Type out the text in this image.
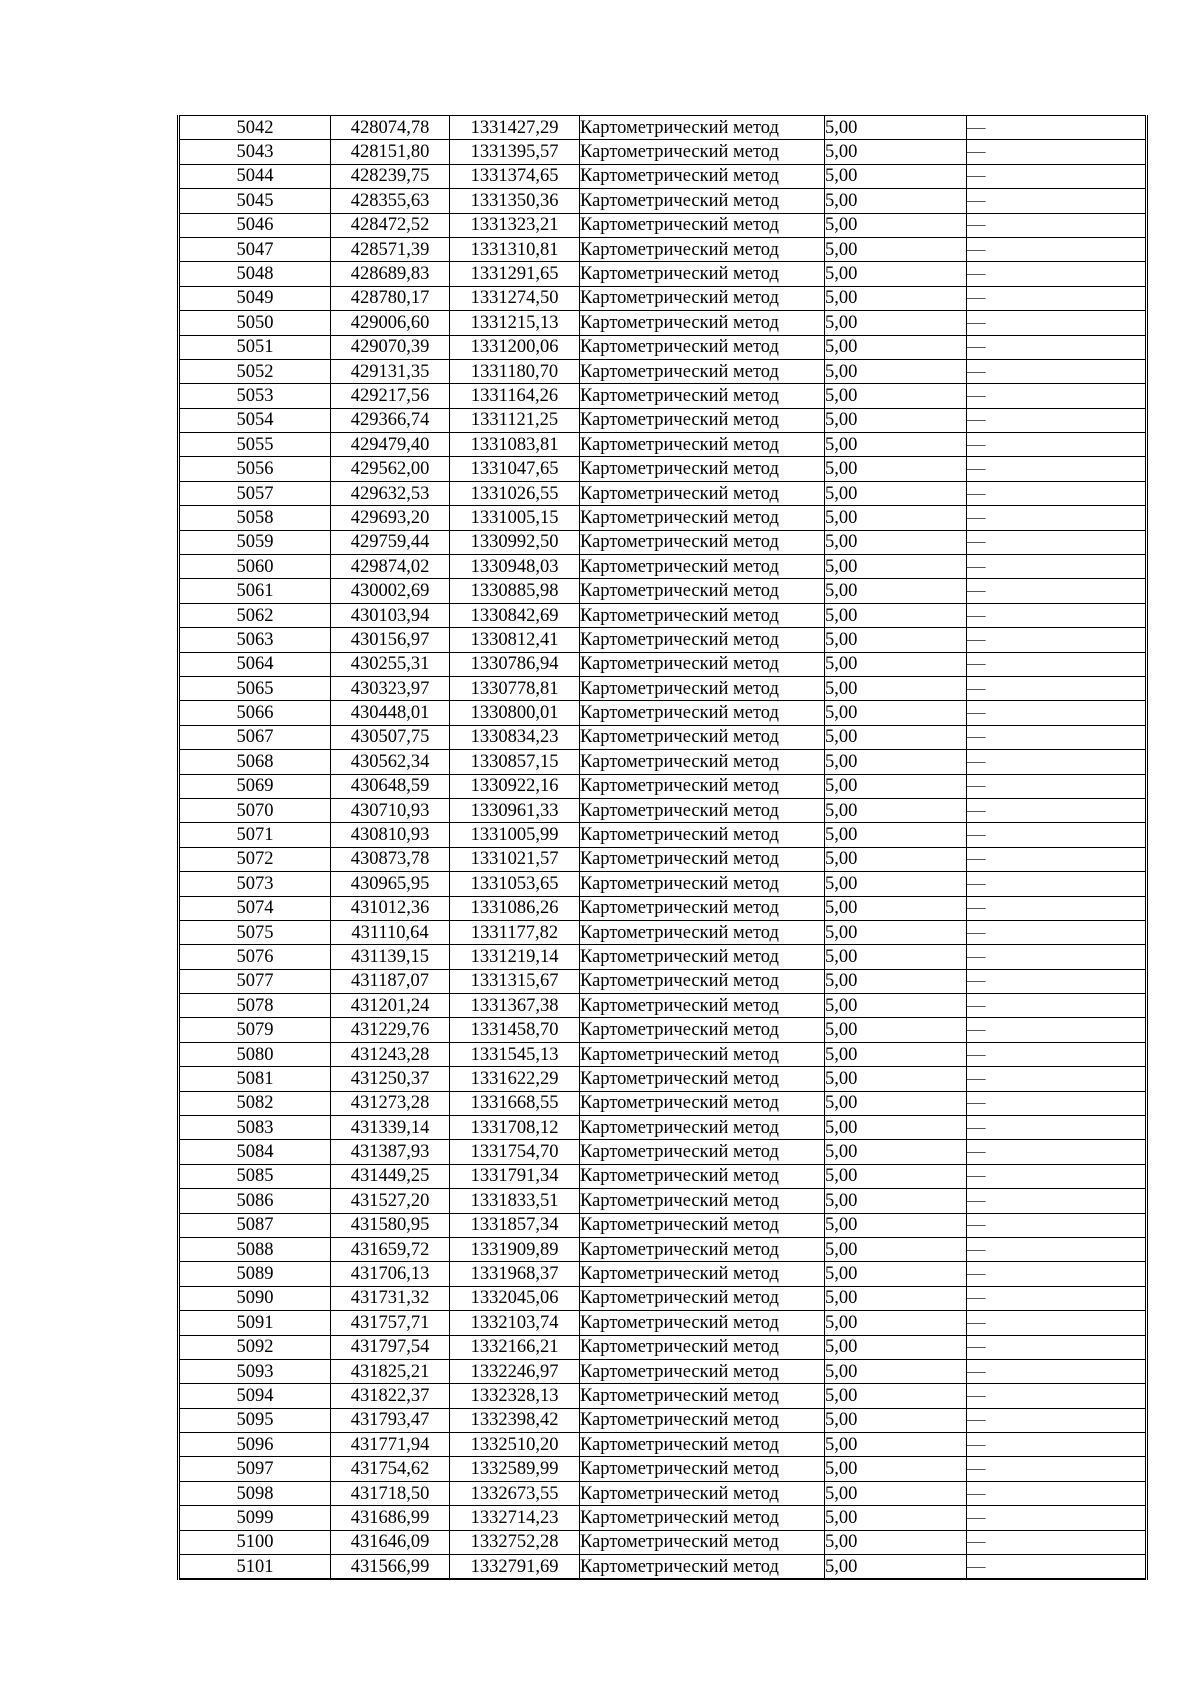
5042	428074,78	1331427,29	Картометрический метод	5,00	—
5043	428151,80	1331395,57	Картометрический метод	5,00	—
5044	428239,75	1331374,65	Картометрический метод	5,00	—
5045	428355,63	1331350,36	Картометрический метод	5,00	—
5046	428472,52	1331323,21	Картометрический метод	5,00	—
5047	428571,39	1331310,81	Картометрический метод	5,00	—
5048	428689,83	1331291,65	Картометрический метод	5,00	—
5049	428780,17	1331274,50	Картометрический метод	5,00	—
5050	429006,60	1331215,13	Картометрический метод	5,00	—
5051	429070,39	1331200,06	Картометрический метод	5,00	—
5052	429131,35	1331180,70	Картометрический метод	5,00	—
5053	429217,56	1331164,26	Картометрический метод	5,00	—
5054	429366,74	1331121,25	Картометрический метод	5,00	—
5055	429479,40	1331083,81	Картометрический метод	5,00	—
5056	429562,00	1331047,65	Картометрический метод	5,00	—
5057	429632,53	1331026,55	Картометрический метод	5,00	—
5058	429693,20	1331005,15	Картометрический метод	5,00	—
5059	429759,44	1330992,50	Картометрический метод	5,00	—
5060	429874,02	1330948,03	Картометрический метод	5,00	—
5061	430002,69	1330885,98	Картометрический метод	5,00	—
5062	430103,94	1330842,69	Картометрический метод	5,00	—
5063	430156,97	1330812,41	Картометрический метод	5,00	—
5064	430255,31	1330786,94	Картометрический метод	5,00	—
5065	430323,97	1330778,81	Картометрический метод	5,00	—
5066	430448,01	1330800,01	Картометрический метод	5,00	—
5067	430507,75	1330834,23	Картометрический метод	5,00	—
5068	430562,34	1330857,15	Картометрический метод	5,00	—
5069	430648,59	1330922,16	Картометрический метод	5,00	—
5070	430710,93	1330961,33	Картометрический метод	5,00	—
5071	430810,93	1331005,99	Картометрический метод	5,00	—
5072	430873,78	1331021,57	Картометрический метод	5,00	—
5073	430965,95	1331053,65	Картометрический метод	5,00	—
5074	431012,36	1331086,26	Картометрический метод	5,00	—
5075	431110,64	1331177,82	Картометрический метод	5,00	—
5076	431139,15	1331219,14	Картометрический метод	5,00	—
5077	431187,07	1331315,67	Картометрический метод	5,00	—
5078	431201,24	1331367,38	Картометрический метод	5,00	—
5079	431229,76	1331458,70	Картометрический метод	5,00	—
5080	431243,28	1331545,13	Картометрический метод	5,00	—
5081	431250,37	1331622,29	Картометрический метод	5,00	—
5082	431273,28	1331668,55	Картометрический метод	5,00	—
5083	431339,14	1331708,12	Картометрический метод	5,00	—
5084	431387,93	1331754,70	Картометрический метод	5,00	—
5085	431449,25	1331791,34	Картометрический метод	5,00	—
5086	431527,20	1331833,51	Картометрический метод	5,00	—
5087	431580,95	1331857,34	Картометрический метод	5,00	—
5088	431659,72	1331909,89	Картометрический метод	5,00	—
5089	431706,13	1331968,37	Картометрический метод	5,00	—
5090	431731,32	1332045,06	Картометрический метод	5,00	—
5091	431757,71	1332103,74	Картометрический метод	5,00	—
5092	431797,54	1332166,21	Картометрический метод	5,00	—
5093	431825,21	1332246,97	Картометрический метод	5,00	—
5094	431822,37	1332328,13	Картометрический метод	5,00	—
5095	431793,47	1332398,42	Картометрический метод	5,00	—
5096	431771,94	1332510,20	Картометрический метод	5,00	—
5097	431754,62	1332589,99	Картометрический метод	5,00	—
5098	431718,50	1332673,55	Картометрический метод	5,00	—
5099	431686,99	1332714,23	Картометрический метод	5,00	—
5100	431646,09	1332752,28	Картометрический метод	5,00	—
5101	431566,99	1332791,69	Картометрический метод	5,00	—
